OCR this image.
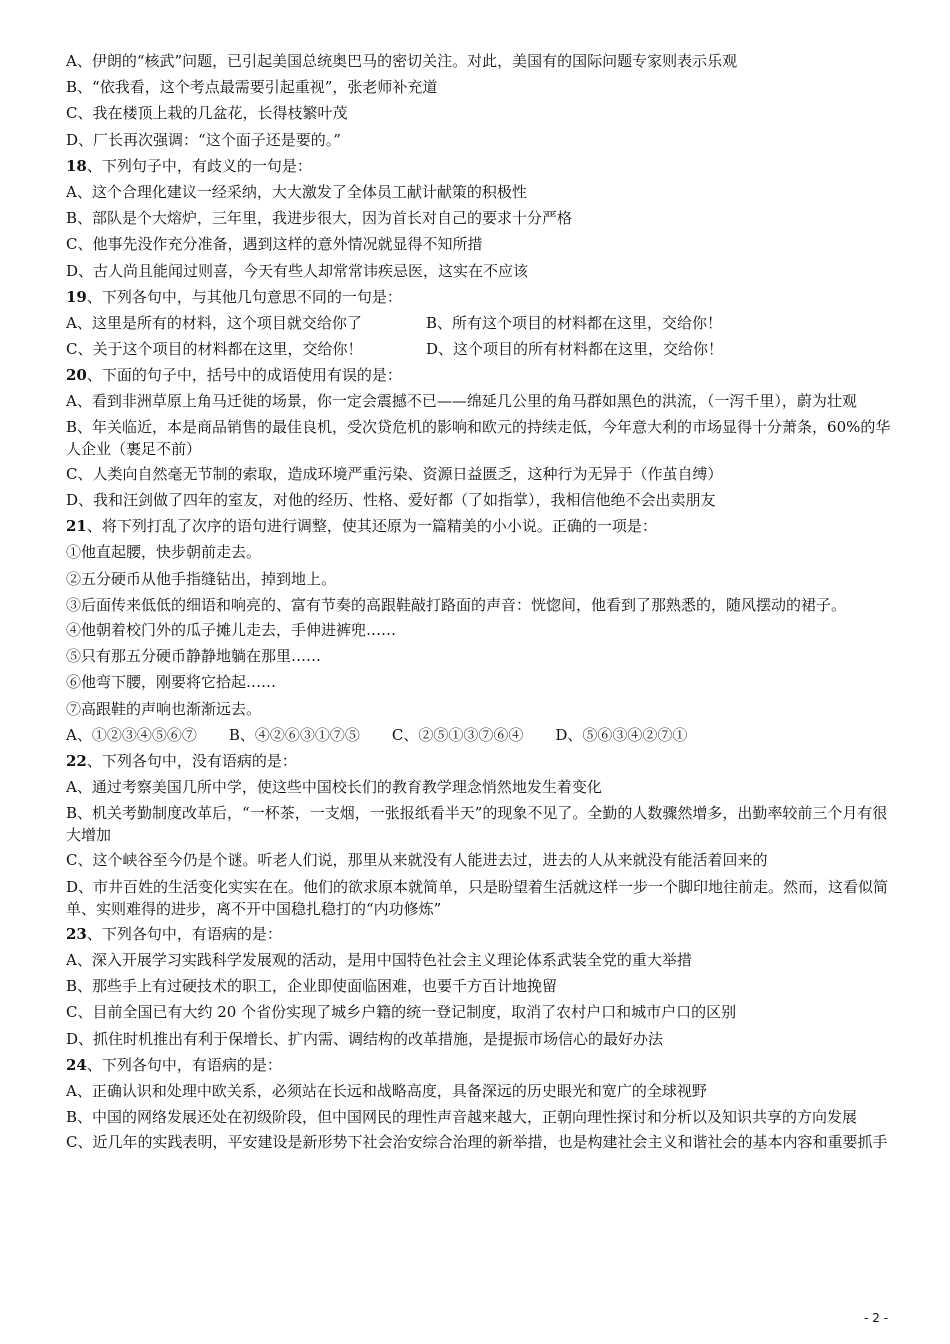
A、伊朗的“核武”问题，已引起美国总统奥巴马的密切关注。对此，美国有的国际问题专家则表示乐观

B、“依我看，这个考点最需要引起重视”，张老师补充道

C、我在楼顶上栽的几盆花，长得枝繁叶茂

D、厂长再次强调：“这个面子还是要的。”

18、下列句子中，有歧义的一句是：

A、这个合理化建议一经采纳，大大激发了全体员工献计献策的积极性

B、部队是个大熔炉，三年里，我进步很大，因为首长对自己的要求十分严格

C、他事先没作充分准备，遇到这样的意外情况就显得不知所措

D、古人尚且能闻过则喜，今天有些人却常常讳疾忌医，这实在不应该

19、下列各句中，与其他几句意思不同的一句是：

A、这里是所有的材料，这个项目就交给你了	B、所有这个项目的材料都在这里，交给你！
C、关于这个项目的材料都在这里，交给你！	D、这个项目的所有材料都在这里，交给你！

20、下面的句子中，括号中的成语使用有误的是：

A、看到非洲草原上角马迁徙的场景，你一定会震撼不已——绵延几公里的角马群如黑色的洪流，（一泻千里），蔚为壮观

B、年关临近，本是商品销售的最佳良机，受次贷危机的影响和欧元的持续走低，今年意大利的市场显得十分萧条，60%的华人企业（裹足不前）

C、人类向自然毫无节制的索取，造成环境严重污染、资源日益匮乏，这种行为无异于（作茧自缚）

D、我和汪剑做了四年的室友，对他的经历、性格、爱好都（了如指掌），我相信他绝不会出卖朋友

21、将下列打乱了次序的语句进行调整，使其还原为一篇精美的小小说。正确的一项是：

①他直起腰，快步朝前走去。

②五分硬币从他手指缝钻出，掉到地上。

③后面传来低低的细语和响亮的、富有节奏的高跟鞋敲打路面的声音：恍惚间，他看到了那熟悉的，随风摆动的裙子。

④他朝着校门外的瓜子摊儿走去，手伸进裤兜……

⑤只有那五分硬币静静地躺在那里……

⑥他弯下腰，刚要将它拾起……

⑦高跟鞋的声响也渐渐远去。

A、①②③④⑤⑥⑦ B、④②⑥③①⑦⑤ C、②⑤①③⑦⑥④ D、⑤⑥③④②⑦①

22、下列各句中，没有语病的是：

A、通过考察美国几所中学，使这些中国校长们的教育教学理念悄然地发生着变化

B、机关考勤制度改革后，“一杯茶，一支烟，一张报纸看半天”的现象不见了。全勤的人数骤然增多，出勤率较前三个月有很大增加

C、这个峡谷至今仍是个谜。听老人们说，那里从来就没有人能进去过，进去的人从来就没有能活着回来的

D、市井百姓的生活变化实实在在。他们的欲求原本就简单，只是盼望着生活就这样一步一个脚印地往前走。然而，这看似简单、实则难得的进步，离不开中国稳扎稳打的“内功修炼”

23、下列各句中，有语病的是：

A、深入开展学习实践科学发展观的活动，是用中国特色社会主义理论体系武装全党的重大举措

B、那些手上有过硬技术的职工，企业即使面临困难，也要千方百计地挽留

C、目前全国已有大约 20 个省份实现了城乡户籍的统一登记制度，取消了农村户口和城市户口的区别

D、抓住时机推出有利于保增长、扩内需、调结构的改革措施，是提振市场信心的最好办法

24、下列各句中，有语病的是：

A、正确认识和处理中欧关系，必须站在长远和战略高度，具备深远的历史眼光和宽广的全球视野

B、中国的网络发展还处在初级阶段，但中国网民的理性声音越来越大，正朝向理性探讨和分析以及知识共享的方向发展

C、近几年的实践表明，平安建设是新形势下社会治安综合治理的新举措，也是构建社会主义和谐社会的基本内容和重要抓手

- 2 -
